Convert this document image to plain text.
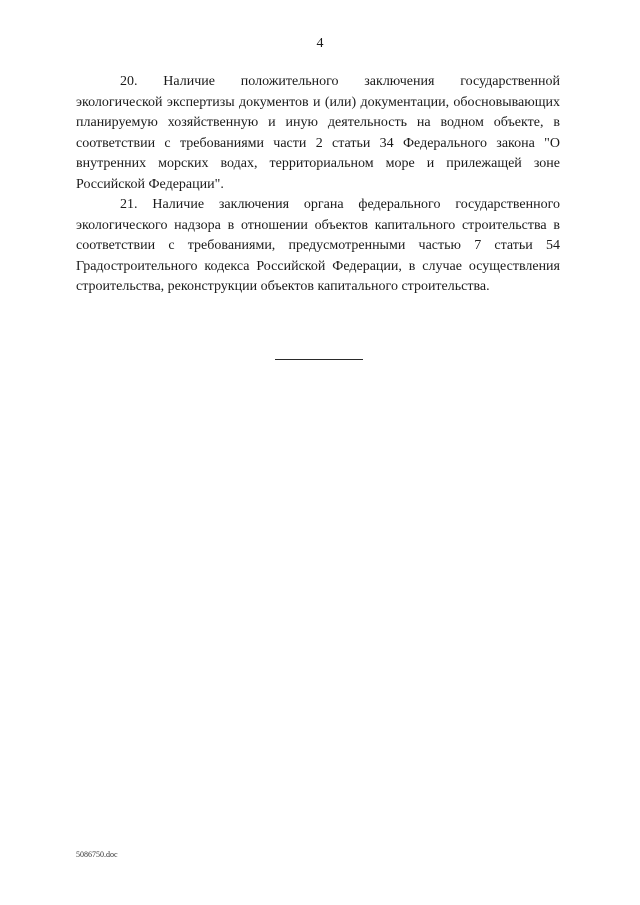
4

20. Наличие положительного заключения государственной экологической экспертизы документов и (или) документации, обосновывающих планируемую хозяйственную и иную деятельность на водном объекте, в соответствии с требованиями части 2 статьи 34 Федерального закона "О внутренних морских водах, территориальном море и прилежащей зоне Российской Федерации".

21. Наличие заключения органа федерального государственного экологического надзора в отношении объектов капитального строительства в соответствии с требованиями, предусмотренными частью 7 статьи 54 Градостроительного кодекса Российской Федерации, в случае осуществления строительства, реконструкции объектов капитального строительства.

5086750.doc
